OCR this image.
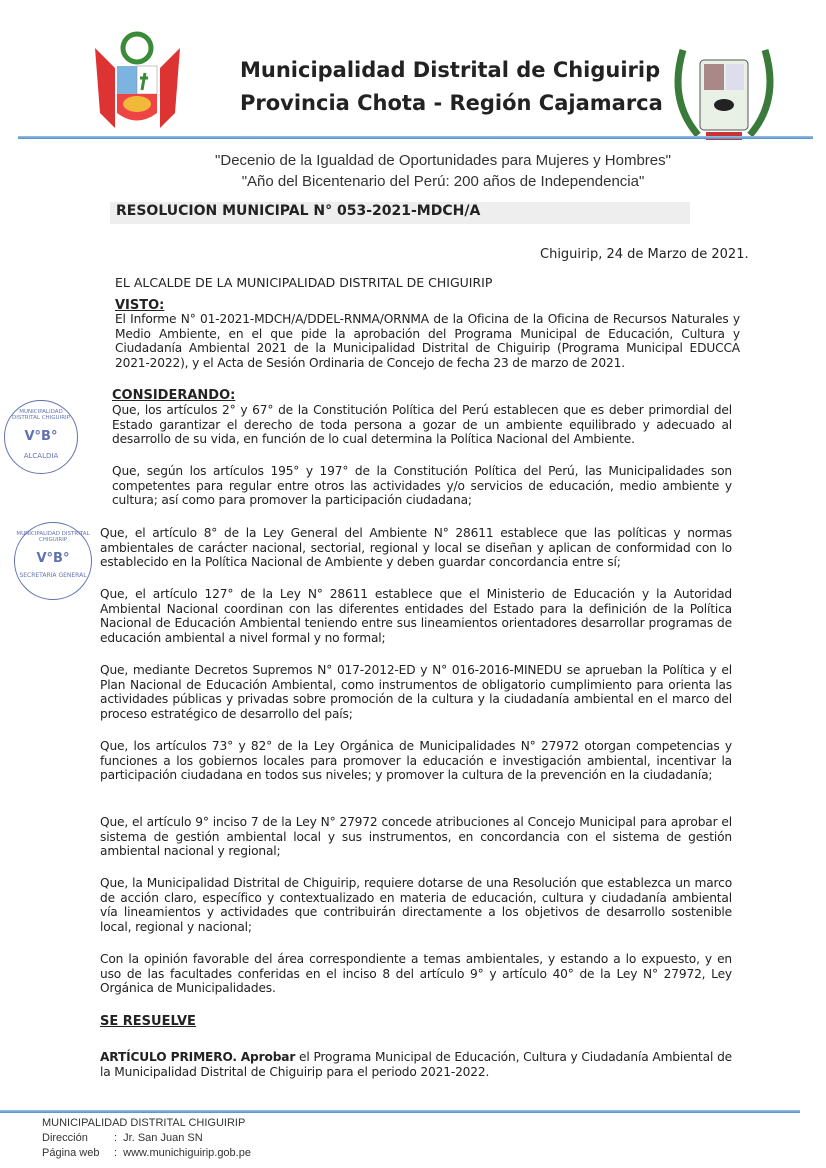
Municipalidad Distrital de Chiguirip
Provincia Chota - Región Cajamarca
"Decenio de la Igualdad de Oportunidades para Mujeres y Hombres"
"Año del Bicentenario del Perú: 200 años de Independencia"
RESOLUCION MUNICIPAL N° 053-2021-MDCH/A
Chiguirip, 24 de Marzo de 2021.
EL ALCALDE DE LA MUNICIPALIDAD DISTRITAL DE CHIGUIRIP
VISTO:
El Informe N° 01-2021-MDCH/A/DDEL-RNMA/ORNMA de la Oficina de la Oficina de Recursos Naturales y Medio Ambiente, en el que pide la aprobación del Programa Municipal de Educación, Cultura y Ciudadanía Ambiental 2021 de la Municipalidad Distrital de Chiguirip (Programa Municipal EDUCCA 2021-2022), y el Acta de Sesión Ordinaria de Concejo de fecha 23 de marzo de 2021.
CONSIDERANDO:
Que, los artículos 2° y 67° de la Constitución Política del Perú establecen que es deber primordial del Estado garantizar el derecho de toda persona a gozar de un ambiente equilibrado y adecuado al desarrollo de su vida, en función de lo cual determina la Política Nacional del Ambiente.
Que, según los artículos 195° y 197° de la Constitución Política del Perú, las Municipalidades son competentes para regular entre otros las actividades y/o servicios de educación, medio ambiente y cultura; así como para promover la participación ciudadana;
Que, el artículo 8° de la Ley General del Ambiente N° 28611 establece que las políticas y normas ambientales de carácter nacional, sectorial, regional y local se diseñan y aplican de conformidad con lo establecido en la Política Nacional de Ambiente y deben guardar concordancia entre sí;
Que, el artículo 127° de la Ley N° 28611 establece que el Ministerio de Educación y la Autoridad Ambiental Nacional coordinan con las diferentes entidades del Estado para la definición de la Política Nacional de Educación Ambiental teniendo entre sus lineamientos orientadores desarrollar programas de educación ambiental a nivel formal y no formal;
Que, mediante Decretos Supremos N° 017-2012-ED y N° 016-2016-MINEDU se aprueban la Política y el Plan Nacional de Educación Ambiental, como instrumentos de obligatorio cumplimiento para orienta las actividades públicas y privadas sobre promoción de la cultura y la ciudadanía ambiental en el marco del proceso estratégico de desarrollo del país;
Que, los artículos 73° y 82° de la Ley Orgánica de Municipalidades N° 27972 otorgan competencias y funciones a los gobiernos locales para promover la educación e investigación ambiental, incentivar la participación ciudadana en todos sus niveles; y promover la cultura de la prevención en la ciudadanía;
Que, el artículo 9° inciso 7 de la Ley N° 27972 concede atribuciones al Concejo Municipal para aprobar el sistema de gestión ambiental local y sus instrumentos, en concordancia con el sistema de gestión ambiental nacional y regional;
Que, la Municipalidad Distrital de Chiguirip, requiere dotarse de una Resolución que establezca un marco de acción claro, específico y contextualizado en materia de educación, cultura y ciudadanía ambiental vía lineamientos y actividades que contribuirán directamente a los objetivos de desarrollo sostenible local, regional y nacional;
Con la opinión favorable del área correspondiente a temas ambientales, y estando a lo expuesto, y en uso de las facultades conferidas en el inciso 8 del artículo 9° y artículo 40° de la Ley N° 27972, Ley Orgánica de Municipalidades.
SE RESUELVE
ARTÍCULO PRIMERO. Aprobar el Programa Municipal de Educación, Cultura y Ciudadanía Ambiental de la Municipalidad Distrital de Chiguirip para el periodo 2021-2022.
MUNICIPALIDAD DISTRITAL CHIGUIRIP
V°B°
ALCALDIA
MUNICIPALIDAD DISTRITAL CHIGUIRIP
V°B°
SECRETARIA GENERAL
MUNICIPALIDAD DISTRITAL CHIGUIRIP
Dirección :  Jr. San Juan SN
Página web :  www.munichiguirip.gob.pe
